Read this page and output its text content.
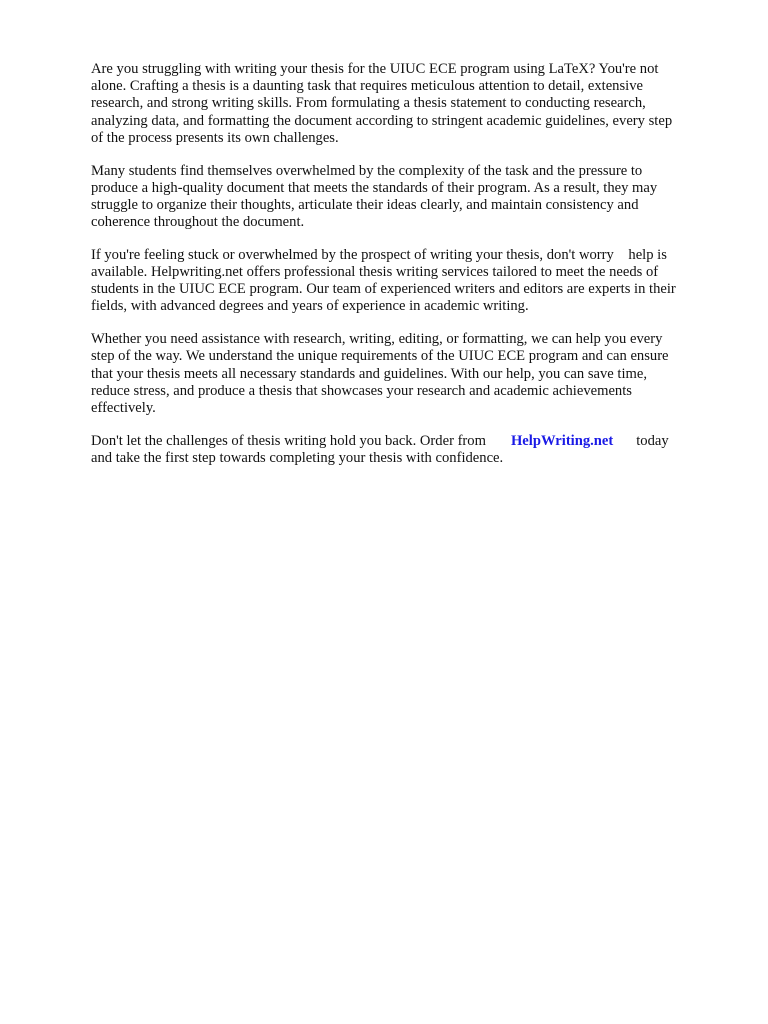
Are you struggling with writing your thesis for the UIUC ECE program using LaTeX? You're not
alone. Crafting a thesis is a daunting task that requires meticulous attention to detail, extensive
research, and strong writing skills. From formulating a thesis statement to conducting research,
analyzing data, and formatting the document according to stringent academic guidelines, every step
of the process presents its own challenges.

Many students find themselves overwhelmed by the complexity of the task and the pressure to
produce a high-quality document that meets the standards of their program. As a result, they may
struggle to organize their thoughts, articulate their ideas clearly, and maintain consistency and
coherence throughout the document.

If you're feeling stuck or overwhelmed by the prospect of writing your thesis, don't worry    help is
available. Helpwriting.net offers professional thesis writing services tailored to meet the needs of
students in the UIUC ECE program. Our team of experienced writers and editors are experts in their
fields, with advanced degrees and years of experience in academic writing.

Whether you need assistance with research, writing, editing, or formatting, we can help you every
step of the way. We understand the unique requirements of the UIUC ECE program and can ensure
that your thesis meets all necessary standards and guidelines. With our help, you can save time,
reduce stress, and produce a thesis that showcases your research and academic achievements
effectively.

Don't let the challenges of thesis writing hold you back. Order from HelpWriting.net today
and take the first step towards completing your thesis with confidence.
